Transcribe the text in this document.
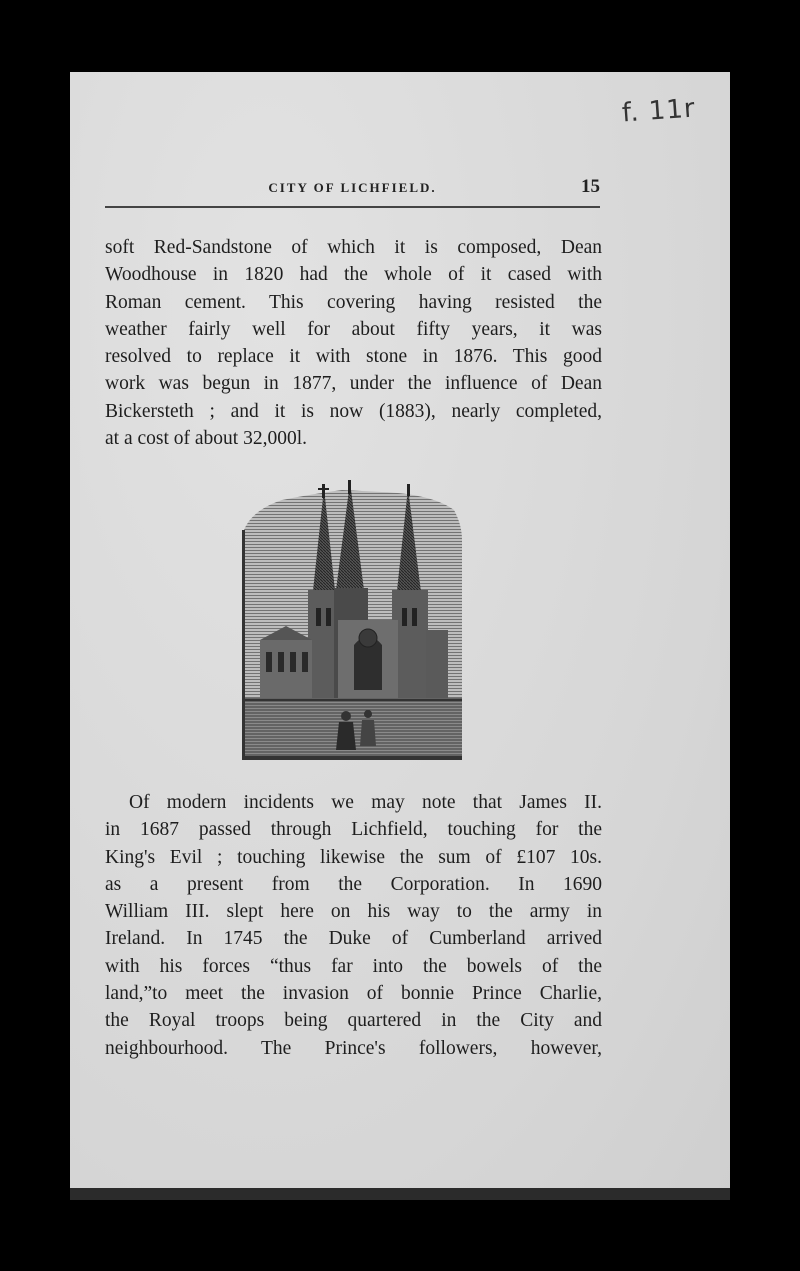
f. 11r
CITY OF LICHFIELD.	15
soft Red-Sandstone of which it is composed, Dean
Woodhouse in 1820 had the whole of it cased with
Roman cement. This covering having resisted the
weather fairly well for about fifty years, it was
resolved to replace it with stone in 1876. This good
work was begun in 1877, under the influence of Dean
Bickersteth ; and it is now (1883), nearly completed,
at a cost of about 32,000l.
Of modern incidents we may note that James II.
in 1687 passed through Lichfield, touching for the
King's Evil ; touching likewise the sum of £107 10s.
as a present from the Corporation. In 1690
William III. slept here on his way to the army in
Ireland. In 1745 the Duke of Cumberland arrived
with his forces “thus far into the bowels of the
land,”to meet the invasion of bonnie Prince Charlie,
the Royal troops being quartered in the City and
neighbourhood. The Prince's followers, however,
